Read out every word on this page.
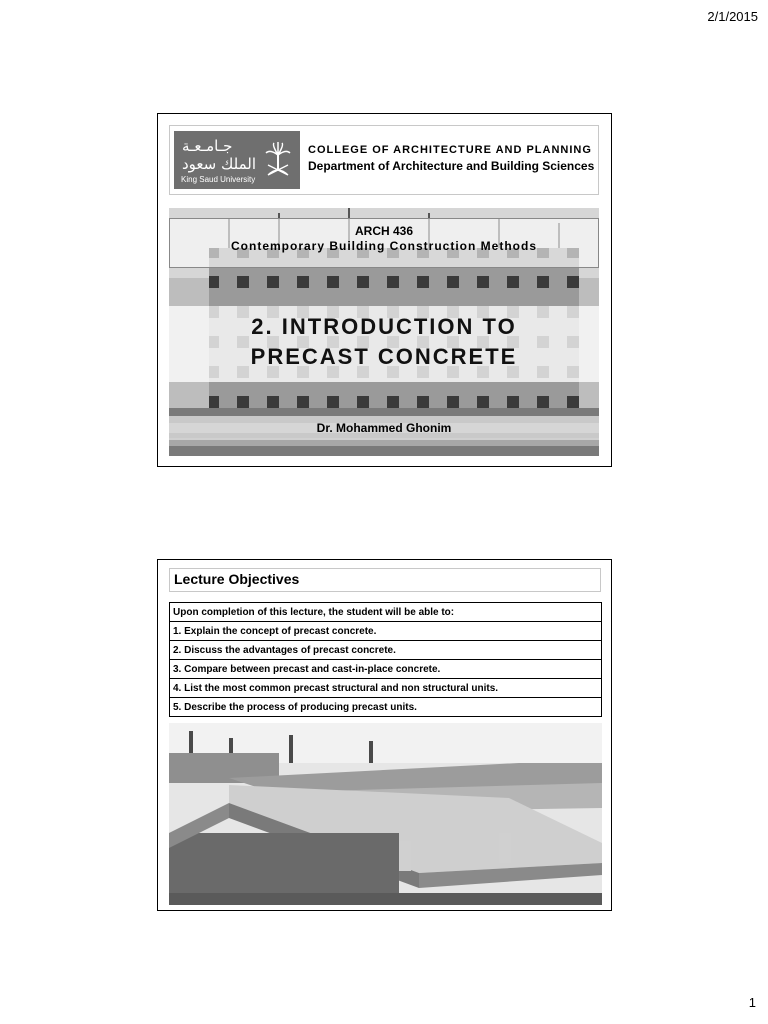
2/1/2015
جـامـعـة
الملك سعود
King Saud University
COLLEGE OF ARCHITECTURE AND PLANNING
Department of Architecture and Building Sciences
ARCH 436
Contemporary Building Construction Methods
2. INTRODUCTION TO
PRECAST CONCRETE
Dr. Mohammed Ghonim
Lecture Objectives
Upon completion of this lecture, the student will be able to:
1. Explain the concept of precast concrete.
2. Discuss the advantages of precast concrete.
3. Compare between precast and cast-in-place concrete.
4. List the most common precast structural and non structural units.
5. Describe the process of producing precast units.
1
